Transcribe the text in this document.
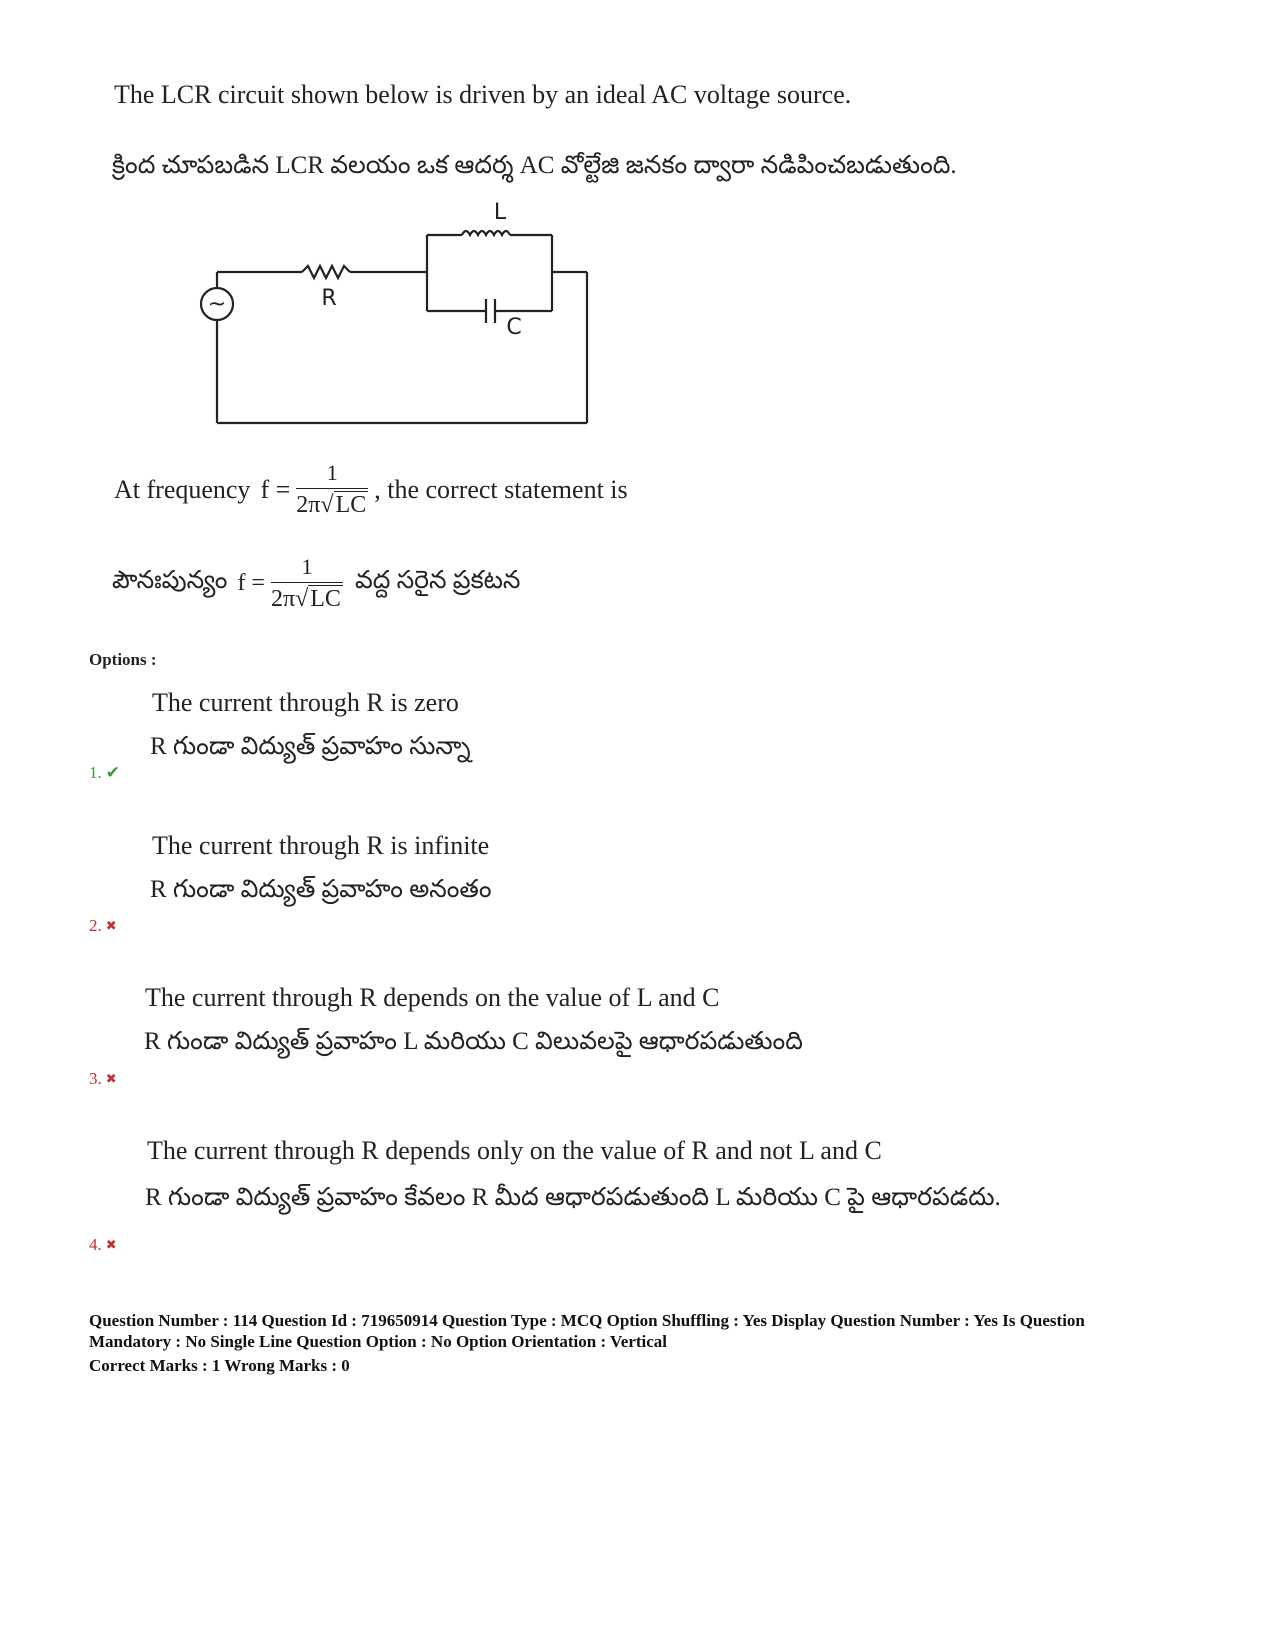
The LCR circuit shown below is driven by an ideal AC voltage source.
క్రింద చూపబడిన LCR వలయం ఒక ఆదర్శ AC వోల్టేజి జనకం ద్వారా నడిపించబడుతుంది.
~
L
R
C
At frequency $f = \frac{1}{2\pi√LC}$ , the correct statement is
పౌనఃపున్యం $f = \frac{1}{2\pi√LC}$ వద్ద సరైన ప్రకటన
Options :
The current through R is zero
R గుండా విద్యుత్ ప్రవాహం సున్నా
1. ✔
The current through R is infinite
R గుండా విద్యుత్ ప్రవాహం అనంతం
2. ✖
The current through R depends on the value of L and C
R గుండా విద్యుత్ ప్రవాహం L మరియు C విలువలపై ఆధారపడుతుంది
3. ✖
The current through R depends only on the value of R and not L and C
R గుండా విద్యుత్ ప్రవాహం కేవలం R మీద ఆధారపడుతుంది L మరియు C పై ఆధారపడదు.
4. ✖
Question Number : 114 Question Id : 719650914 Question Type : MCQ Option Shuffling : Yes Display Question Number : Yes Is Question
Mandatory : No Single Line Question Option : No Option Orientation : Vertical
Correct Marks : 1 Wrong Marks : 0
